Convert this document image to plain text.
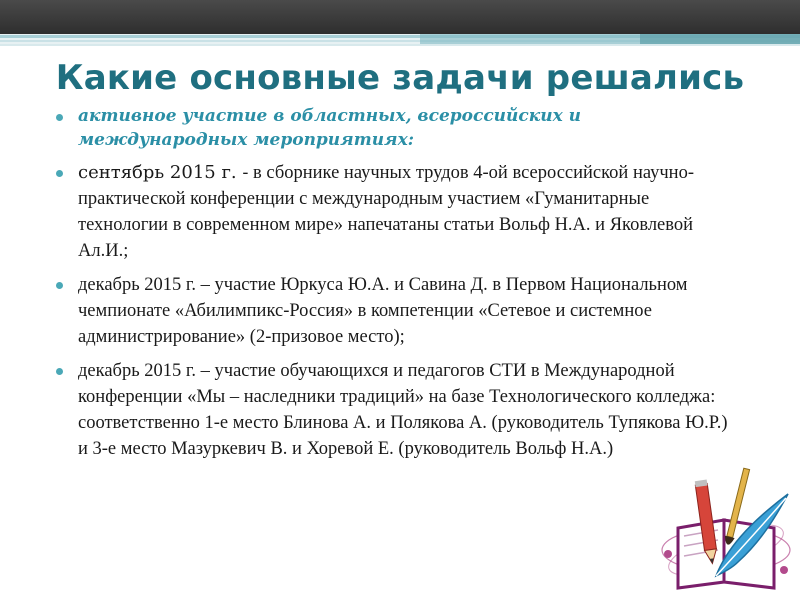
Какие основные задачи решались
активное участие в областных, всероссийских и международных мероприятиях:
сентябрь 2015 г. - в сборнике научных трудов 4-ой всероссийской научно-практической конференции с международным участием «Гуманитарные технологии в современном мире» напечатаны статьи Вольф Н.А. и Яковлевой Ал.И.;
декабрь 2015 г. – участие Юркуса Ю.А. и Савина Д. в Первом Национальном чемпионате «Абилимпикс-Россия» в компетенции «Сетевое и системное администрирование» (2-призовое место);
декабрь 2015 г. – участие обучающихся и педагогов СТИ в Международной конференции «Мы – наследники традиций» на базе Технологического колледжа: соответственно 1-е место Блинова А. и Полякова А. (руководитель Тупякова Ю.Р.) и 3-е место Мазуркевич В. и Хоревой Е. (руководитель Вольф Н.А.)
